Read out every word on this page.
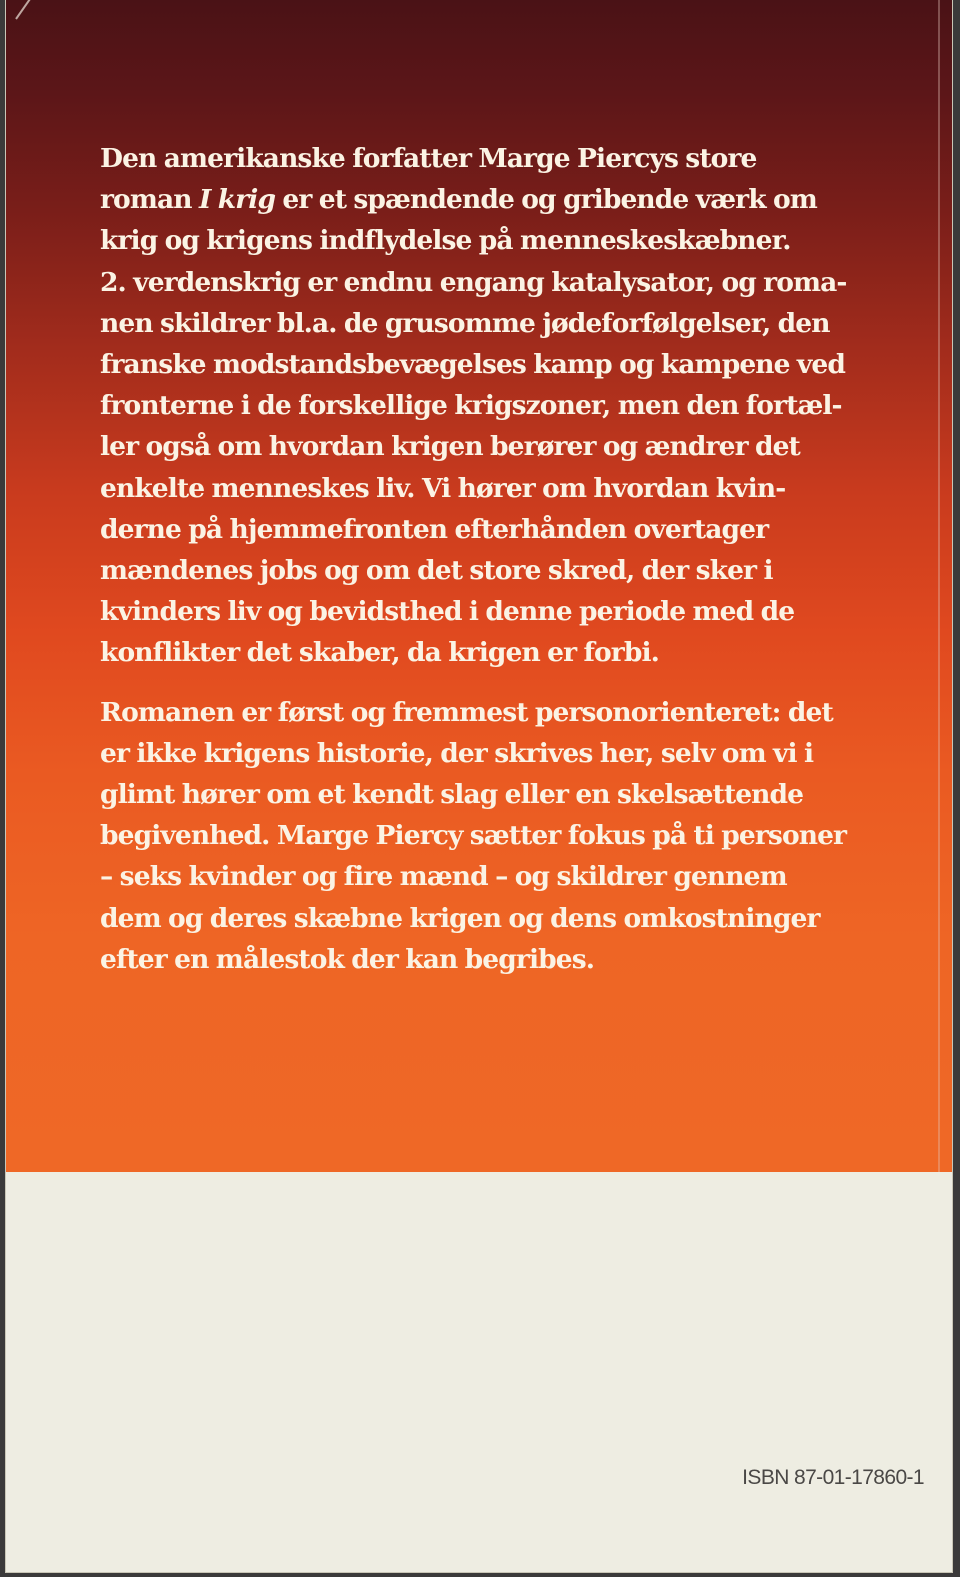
Den amerikanske forfatter Marge Piercys store
roman I krig er et spændende og gribende værk om
krig og krigens indflydelse på menneskeskæbner.
2. verdenskrig er endnu engang katalysator, og roma-
nen skildrer bl.a. de grusomme jødeforfølgelser, den
franske modstandsbevægelses kamp og kampene ved
fronterne i de forskellige krigszoner, men den fortæl-
ler også om hvordan krigen berører og ændrer det
enkelte menneskes liv. Vi hører om hvordan kvin-
derne på hjemmefronten efterhånden overtager
mændenes jobs og om det store skred, der sker i
kvinders liv og bevidsthed i denne periode med de
konflikter det skaber, da krigen er forbi.

Romanen er først og fremmest personorienteret: det
er ikke krigens historie, der skrives her, selv om vi i
glimt hører om et kendt slag eller en skelsættende
begivenhed. Marge Piercy sætter fokus på ti personer
– seks kvinder og fire mænd – og skildrer gennem
dem og deres skæbne krigen og dens omkostninger
efter en målestok der kan begribes.

ISBN 87-01-17860-1
